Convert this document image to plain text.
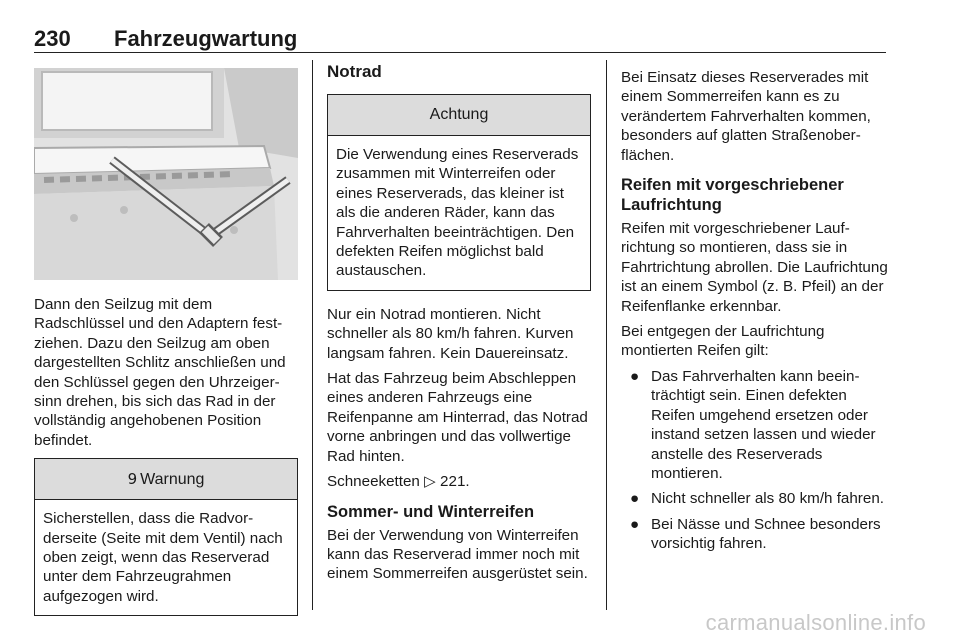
230 Fahrzeugwartung

Dann den Seilzug mit dem Radschlüssel und den Adaptern festziehen. Dazu den Seilzug am oben dargestellten Schlitz anschließen und den Schlüssel gegen den Uhrzeigersinn drehen, bis sich das Rad in der vollständig angehobenen Position befindet.

9 Warnung
Sicherstellen, dass die Radvorderseite (Seite mit dem Ventil) nach oben zeigt, wenn das Reserverad unter dem Fahrzeugrahmen aufgezogen wird.
Notrad
Achtung
Die Verwendung eines Reserverads zusammen mit Winterreifen oder eines Reserverads, das kleiner ist als die anderen Räder, kann das Fahrverhalten beeinträchtigen. Den defekten Reifen möglichst bald austauschen.

Nur ein Notrad montieren. Nicht schneller als 80 km/h fahren. Kurven langsam fahren. Kein Dauereinsatz.

Hat das Fahrzeug beim Abschleppen eines anderen Fahrzeugs eine Reifenpanne am Hinterrad, das Notrad vorne anbringen und das vollwertige Rad hinten.

Schneeketten ▷ 221.

Sommer- und Winterreifen

Bei der Verwendung von Winterreifen kann das Reserverad immer noch mit einem Sommerreifen ausgerüstet sein.

Bei Einsatz dieses Reserverades mit einem Sommerreifen kann es zu verändertem Fahrverhalten kommen, besonders auf glatten Straßenoberflächen.

Reifen mit vorgeschriebener Laufrichtung

Reifen mit vorgeschriebener Laufrichtung so montieren, dass sie in Fahrtrichtung abrollen. Die Laufrichtung ist an einem Symbol (z. B. Pfeil) an der Reifenflanke erkennbar.

Bei entgegen der Laufrichtung montierten Reifen gilt:

● Das Fahrverhalten kann beeinträchtigt sein. Einen defekten Reifen umgehend ersetzen oder instand setzen lassen und wieder anstelle des Reserverads montieren.
● Nicht schneller als 80 km/h fahren.
● Bei Nässe und Schnee besonders vorsichtig fahren.
carmanualsonline.info
